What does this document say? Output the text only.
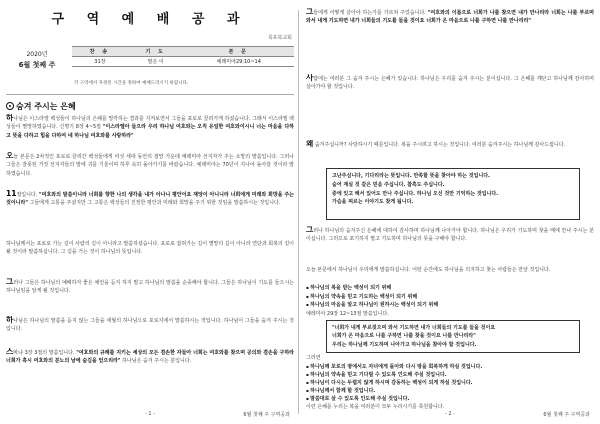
구 역 예 배 공 과
목포북교회
2020년
6월 첫째 주
찬 송	기 도	본 문
31장	말은 이	예레미야29:10~14
각 구역에서 자정된 시간을 정하여 예배드리시기 바랍니다.
숨겨 주시는 은혜
하나님은 이스라엘 백성들이 하나님의 은혜를 망각하는 결과를 지켜보면서 그들을 포로로 끌려가게 하셨습니다. 그래서 이스라엘 백성들이 멸망하였습니다. 신명기 8장 4~5절 "이스라엘아 들으라 우리 하나님 여호와는 오직 유일한 여호와이시니 너는 마음을 다하고 뜻을 다하고 힘을 다하여 네 하나님 여호와를 사랑하라"
오늘 본문은 2차적인 포로로 끌려간 백성들에게 여섯 세대 동안의 절망 가운데 예레미야 선지자가 주는 소망의 말씀입니다. 그러나 그들은 잘못된 거짓 선지자들의 말에 귀를 기울이며 하루 속히 돌아가기를 바랐습니다. 예레미야는 70년이 지나야 돌아갈 것이라 말하였습니다.
11절입니다. "여호와의 말씀이니라 너희를 향한 나의 생각을 내가 아나니 평안이요 재앙이 아니니라 너희에게 미래와 희망을 주는 것이니라" 그들에게 고통을 주셨지만 그 고통은 백성들의 진정한 평안과 미래와 희망을 주기 위한 것임을 말씀하시는 것입니다.
하나님께서는 포로로 가는 길이 사람의 길이 아니라고 말씀하셨습니다. 포로로 잡혀가는 길이 멸망의 길이 아니라 연단과 회복의 길이 될 것이라 말씀하십니다. 그 길을 가는 것이 하나님의 뜻입니다.
그러나 그들은 하나님의 예배하자 좋은 예언을 듣지 하지 말고 하나님의 말씀을 순종해야 합니다. 그들은 하나님이 기도를 들으시는 하나님임을 알게 될 것입니다.
하나님은 하나님의 말씀을 듣지 않는 그들을 세월의 하나님으로 포로지에서 말씀하시는 것입니다. 하나님이 그들을 숨겨 주시는 것입니다.
스바냐 3장 3절의 말씀입니다. "여호와의 규례를 지키는 세상의 모든 겸손한 자들아 너희는 여호와를 찾으며 공의와 겸손을 구하라 너희가 혹시 여호와의 분노의 날에 숨김을 얻으리라" 하나님은 숨겨 주시는 분입니다.
- 1 -	6월 첫째 주 구역공과
그들에게 어떻게 살아야 하는가를 가르쳐 주었습니다. "여호와의 이름으로 너희가 나를 찾으면 내가 만나리라 너희는 나를 부르며 와서 내게 기도하면 내가 너희들의 기도를 들을 것이요 너희가 온 마음으로 나를 구하면 나를 만나리라"
사람에는 여러분 그 숨겨 주시는 은혜가 있습니다. 하나님은 우리를 숨겨 주시는 분이십니다. 그 은혜를 깨닫고 하나님께 감사하며 살아가야 할 것입니다.
왜 숨겨주십니까? 사랑하시기 때문입니다. 복을 주시려고 하시는 것입니다. 여러분 숨겨주시는 하나님께 감사드립니다.
고난주심니다, 기다리라는 뜻입니다. 만족할 뜻을 찾아야 하는 것입니다.
숨어 계실 것 같은 믿음 주십니다. 참혹도 주십니다.
중에 잊고 해서 있어도 만나 주십니다. 하나님 오신 것만 기억하는 것입니다.
가슴을 찌르는 이야기도 찾게 됩니다.

그러나 하나님의 숨겨주신 은혜에 대하여 감사하며 하나님께 나아가야 합니다. 하나님은 우리가 기도하며 찾을 때에 만나 주시는 분이십니다. 그러므로 포기하지 말고 기도하며 하나님의 뜻을 구해야 합니다.
오늘 본문에서 하나님이 우리에게 말씀하십니다. 어떤 순간에도 하나님을 의지하고 찾는 사람들은 만날 것입니다.
▪ 하나님의 복을 받는 백성이 되기 위해
▪ 하나님의 약속을 믿고 기도하는 백성이 되기 위해
▪ 하나님의 마음을 알고 하나님이 원하시는 백성이 되기 위해
예레미야 29장 12~13절 말씀입니다.
"너희가 내게 부르짖으며 와서 기도하면 내가 너희들의 기도를 들을 것이요
너희가 온 마음으로 나를 구하면 나를 찾을 것이요 나를 만나리라"
우리는 하나님께 기도하며 나아가고 하나님을 찾아야 할 것입니다.
그러면
▪ 하나님께 포로의 땅에서도 자녀에게 돌아와 다시 땅을 회복하게 하실 것입니다.
▪ 하나님의 약속을 믿고 기다릴 수 있도록 인도해 주실 것입니다.
▪ 하나님이 다시는 두렵지 않게 하시며 감동하는 백성이 되게 하실 것입니다.
▪ 하나님께서 함께 할 것입니다.
▪ 말씀대로 살 수 있도록 인도해 주실 것입니다.
이런 은혜를 누리는 복을 여러분이 모두 누리시기를 축원합니다.
- 2 -	6월 첫째 주 구역공과
